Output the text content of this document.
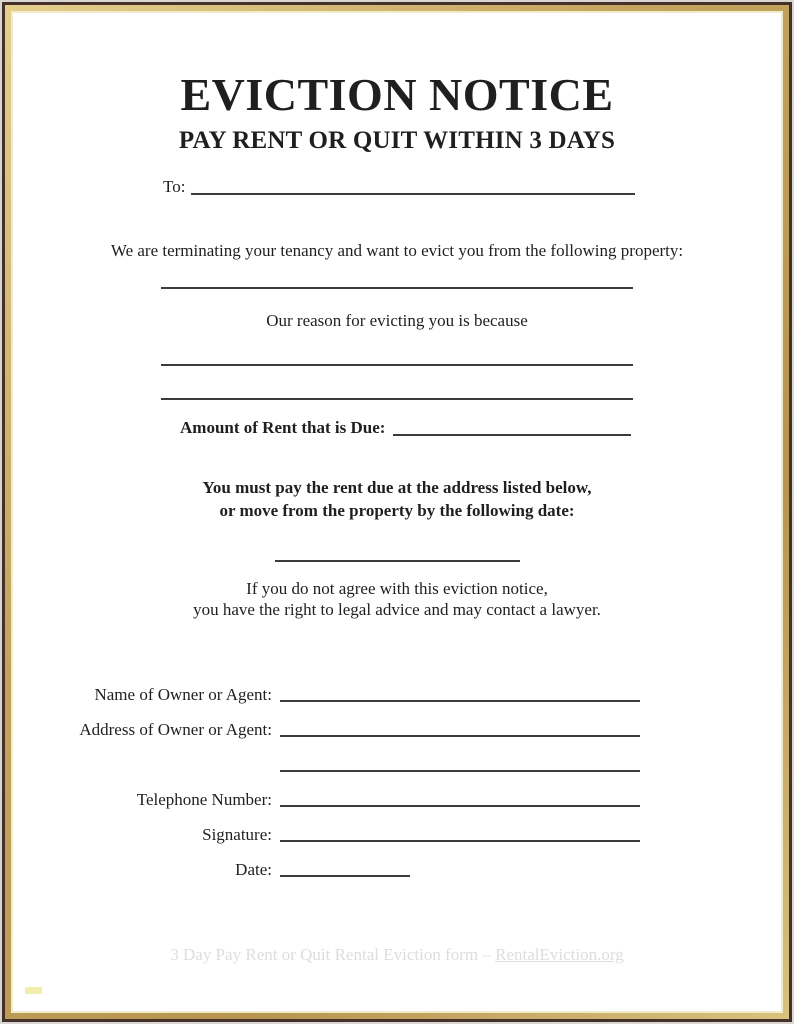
EVICTION NOTICE
PAY RENT OR QUIT WITHIN 3 DAYS
To:

We are terminating your tenancy and want to evict you from the following property:

Our reason for evicting you is because

Amount of Rent that is Due:

You must pay the rent due at the address listed below,
or move from the property by the following date:

If you do not agree with this eviction notice,
you have the right to legal advice and may contact a lawyer.

Name of Owner or Agent:
Address of Owner or Agent:
Telephone Number:
Signature:
Date:
3 Day Pay Rent or Quit Rental Eviction form – RentalEviction.org
